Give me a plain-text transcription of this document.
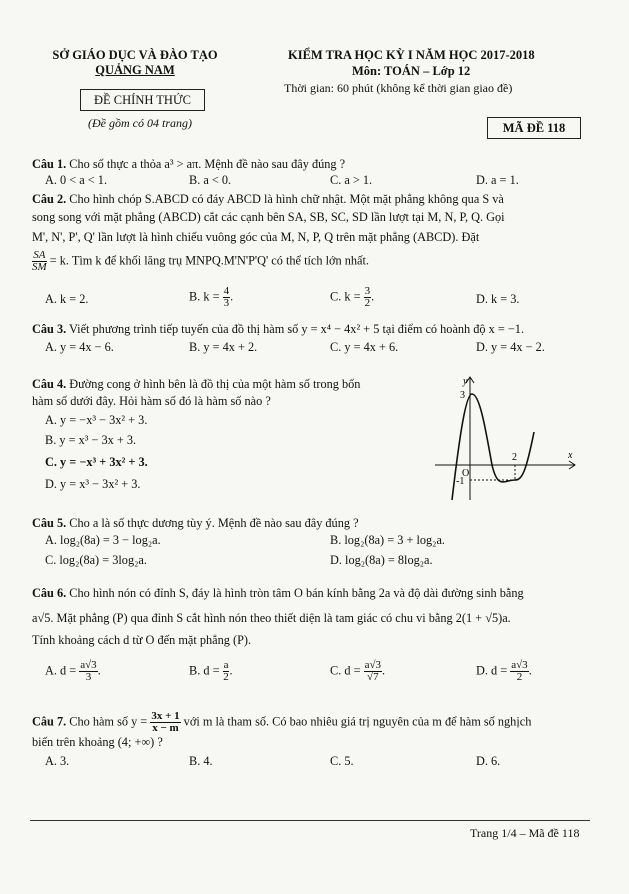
SỞ GIÁO DỤC VÀ ĐÀO TẠO
QUẢNG NAM
ĐỀ CHÍNH THỨC
(Đề gồm có 04 trang)
KIỂM TRA HỌC KỲ I NĂM HỌC 2017-2018
Môn: TOÁN – Lớp 12
Thời gian: 60 phút (không kể thời gian giao đề)
MÃ ĐỀ 118
Câu 1. Cho số thực a thỏa a³ > aπ. Mệnh đề nào sau đây đúng ?
A. 0 < a < 1.	B. a < 0.	C. a > 1.	D. a = 1.
Câu 2. Cho hình chóp S.ABCD có đáy ABCD là hình chữ nhật. Một mặt phẳng không qua S và
song song với mặt phẳng (ABCD) cắt các cạnh bên SA, SB, SC, SD lần lượt tại M, N, P, Q. Gọi
M', N', P', Q' lần lượt là hình chiếu vuông góc của M, N, P, Q trên mặt phẳng (ABCD). Đặt
$\frac{SA}{SM} = k$. Tìm k để khối lăng trụ MNPQ.M'N'P'Q' có thể tích lớn nhất.
A. k = 2.	B. $k = \frac{4}{3}$ .	C. $k = \frac{3}{2}$ .	D. k = 3.
Câu 3. Viết phương trình tiếp tuyến của đồ thị hàm số y = x⁴ − 4x² + 5 tại điểm có hoành độ x = −1.
A. y = 4x − 6.	B. y = 4x + 2.	C. y = 4x + 6.	D. y = 4x − 2.
Câu 4. Đường cong ở hình bên là đồ thị của một hàm số trong bốn
hàm số dưới đây. Hỏi hàm số đó là hàm số nào ?
A. y = −x³ − 3x² + 3.
B. y = x³ − 3x + 3.
C. y = −x³ + 3x² + 3.
D. y = x³ − 3x² + 3.
y
x
O
3
2
-1
Câu 5. Cho a là số thực dương tùy ý. Mệnh đề nào sau đây đúng ?
A. log₂(8a) = 3 − log₂a.	B. log₂(8a) = 3 + log₂a.
C. log₂(8a) = 3log₂a.	D. log₂(8a) = 8log₂a.
Câu 6. Cho hình nón có đỉnh S, đáy là hình tròn tâm O bán kính bằng 2a và độ dài đường sinh bằng
a√5. Mặt phẳng (P) qua đỉnh S cắt hình nón theo thiết diện là tam giác có chu vi bằng 2(1 + √5)a.
Tính khoảng cách d từ O đến mặt phẳng (P).
A. $d = \frac{a√3}{3}$ .	B. $d = \frac{a}{2}$ .	C. $d = \frac{a√3}{√7}$ .	D. $d = \frac{a√3}{2}$ .
Câu 7. Cho hàm số $y = \frac{3x + 1}{x - m}$ với m là tham số. Có bao nhiêu giá trị nguyên của m để hàm số nghịch
biến trên khoảng (4; +∞) ?
A. 3.	B. 4.	C. 5.	D. 6.
Trang 1/4 – Mã đề 118
